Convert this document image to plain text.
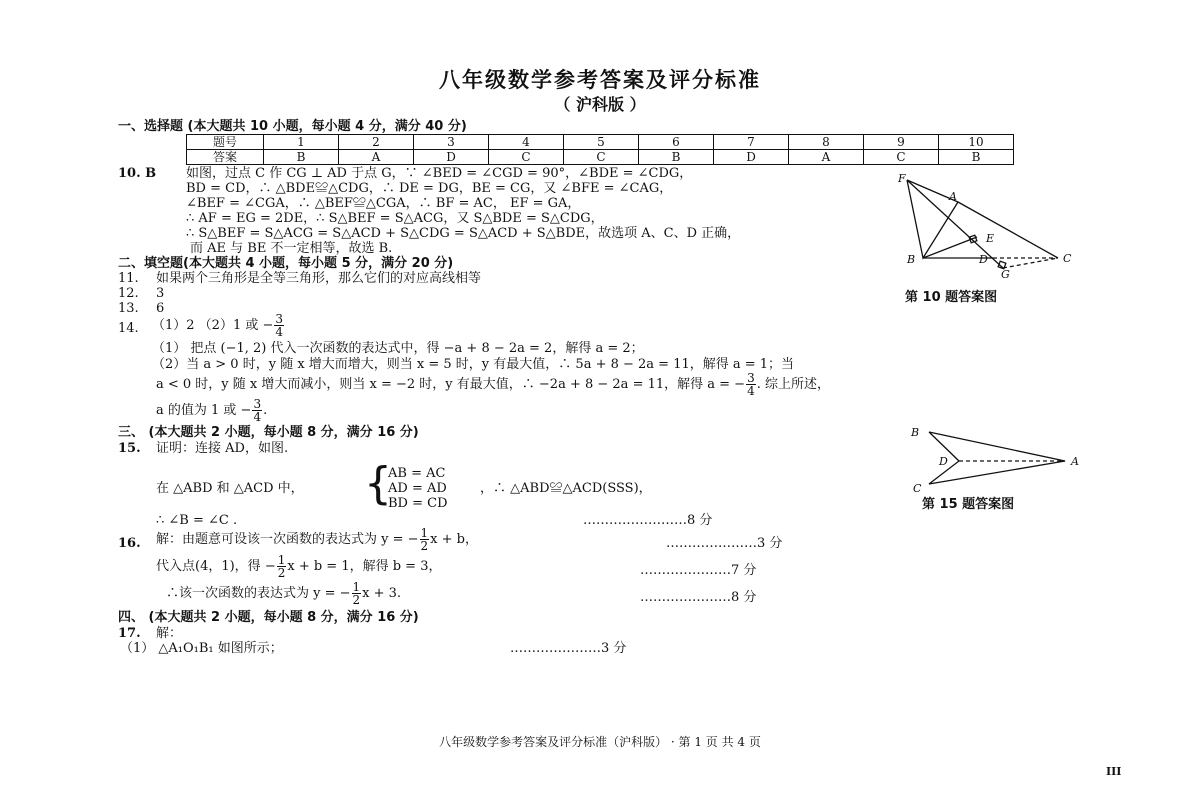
八年级数学参考答案及评分标准
（ 沪科版 ）
一、选择题 (本大题共 10 小题，每小题 4 分，满分 40 分)
题号	1	2	3	4	5	6	7	8	9	10
答案	B	A	D	C	C	B	D	A	C	B
10. B 如图，过点 C 作 CG ⊥ AD 于点 G，∵ ∠BED = ∠CGD = 90°，∠BDE = ∠CDG，
BD = CD，∴ △BDE≌△CDG，∴ DE = DG，BE = CG，又 ∠BFE = ∠CAG，
∠BEF = ∠CGA，∴ △BEF≌△CGA，∴ BF = AC， EF = GA，
∴ AF = EG = 2DE，∴ S△BEF = S△ACG，又 S△BDE = S△CDG，
∴ S△BEF = S△ACG = S△ACD + S△CDG = S△ACD + S△BDE，故选项 A、C、D 正确，
而 AE 与 BE 不一定相等，故选 B.
F
A
E
B	D
G
C
第 10 题答案图
二、填空题(本大题共 4 小题，每小题 5 分，满分 20 分)
11. 如果两个三角形是全等三角形，那么它们的对应高线相等
12. 3
13. 6
14. （1）2 （2）1 或 − $\frac{3}{4}$
（1） 把点 (−1, 2) 代入一次函数的表达式中，得 −a + 8 − 2a = 2，解得 a = 2；
（2）当 a > 0 时，y 随 x 增大而增大，则当 x = 5 时，y 有最大值，∴ 5a + 8 − 2a = 11，解得 a = 1；当
a < 0 时，y 随 x 增大而减小，则当 x = −2 时，y 有最大值，∴ −2a + 8 − 2a = 11，解得 a = − $\frac{3}{4}$ . 综上所述，
a 的值为 1 或 − $\frac{3}{4}$ .
三、 (本大题共 2 小题，每小题 8 分，满分 16 分)
15. 证明：连接 AD，如图.
在 △ABD 和 △ACD 中， {
AB = AC
AD = AD
BD = CD
，∴ △ABD≌△ACD(SSS)，
∴ ∠B = ∠C .	……………………8 分
B
D	A
C
第 15 题答案图
16. 解：由题意可设该一次函数的表达式为 y = − $\frac{1}{2}$ x + b，	…………………3 分
代入点(4，1)，得 − $\frac{1}{2}$ x + b = 1，解得 b = 3，	…………………7 分
∴该一次函数的表达式为 y = − $\frac{1}{2}$ x + 3.	…………………8 分
四、 (本大题共 2 小题，每小题 8 分，满分 16 分)
17. 解：
（1） △A₁O₁B₁ 如图所示；	…………………3 分
八年级数学参考答案及评分标准（沪科版） · 第 1 页 共 4 页
III
